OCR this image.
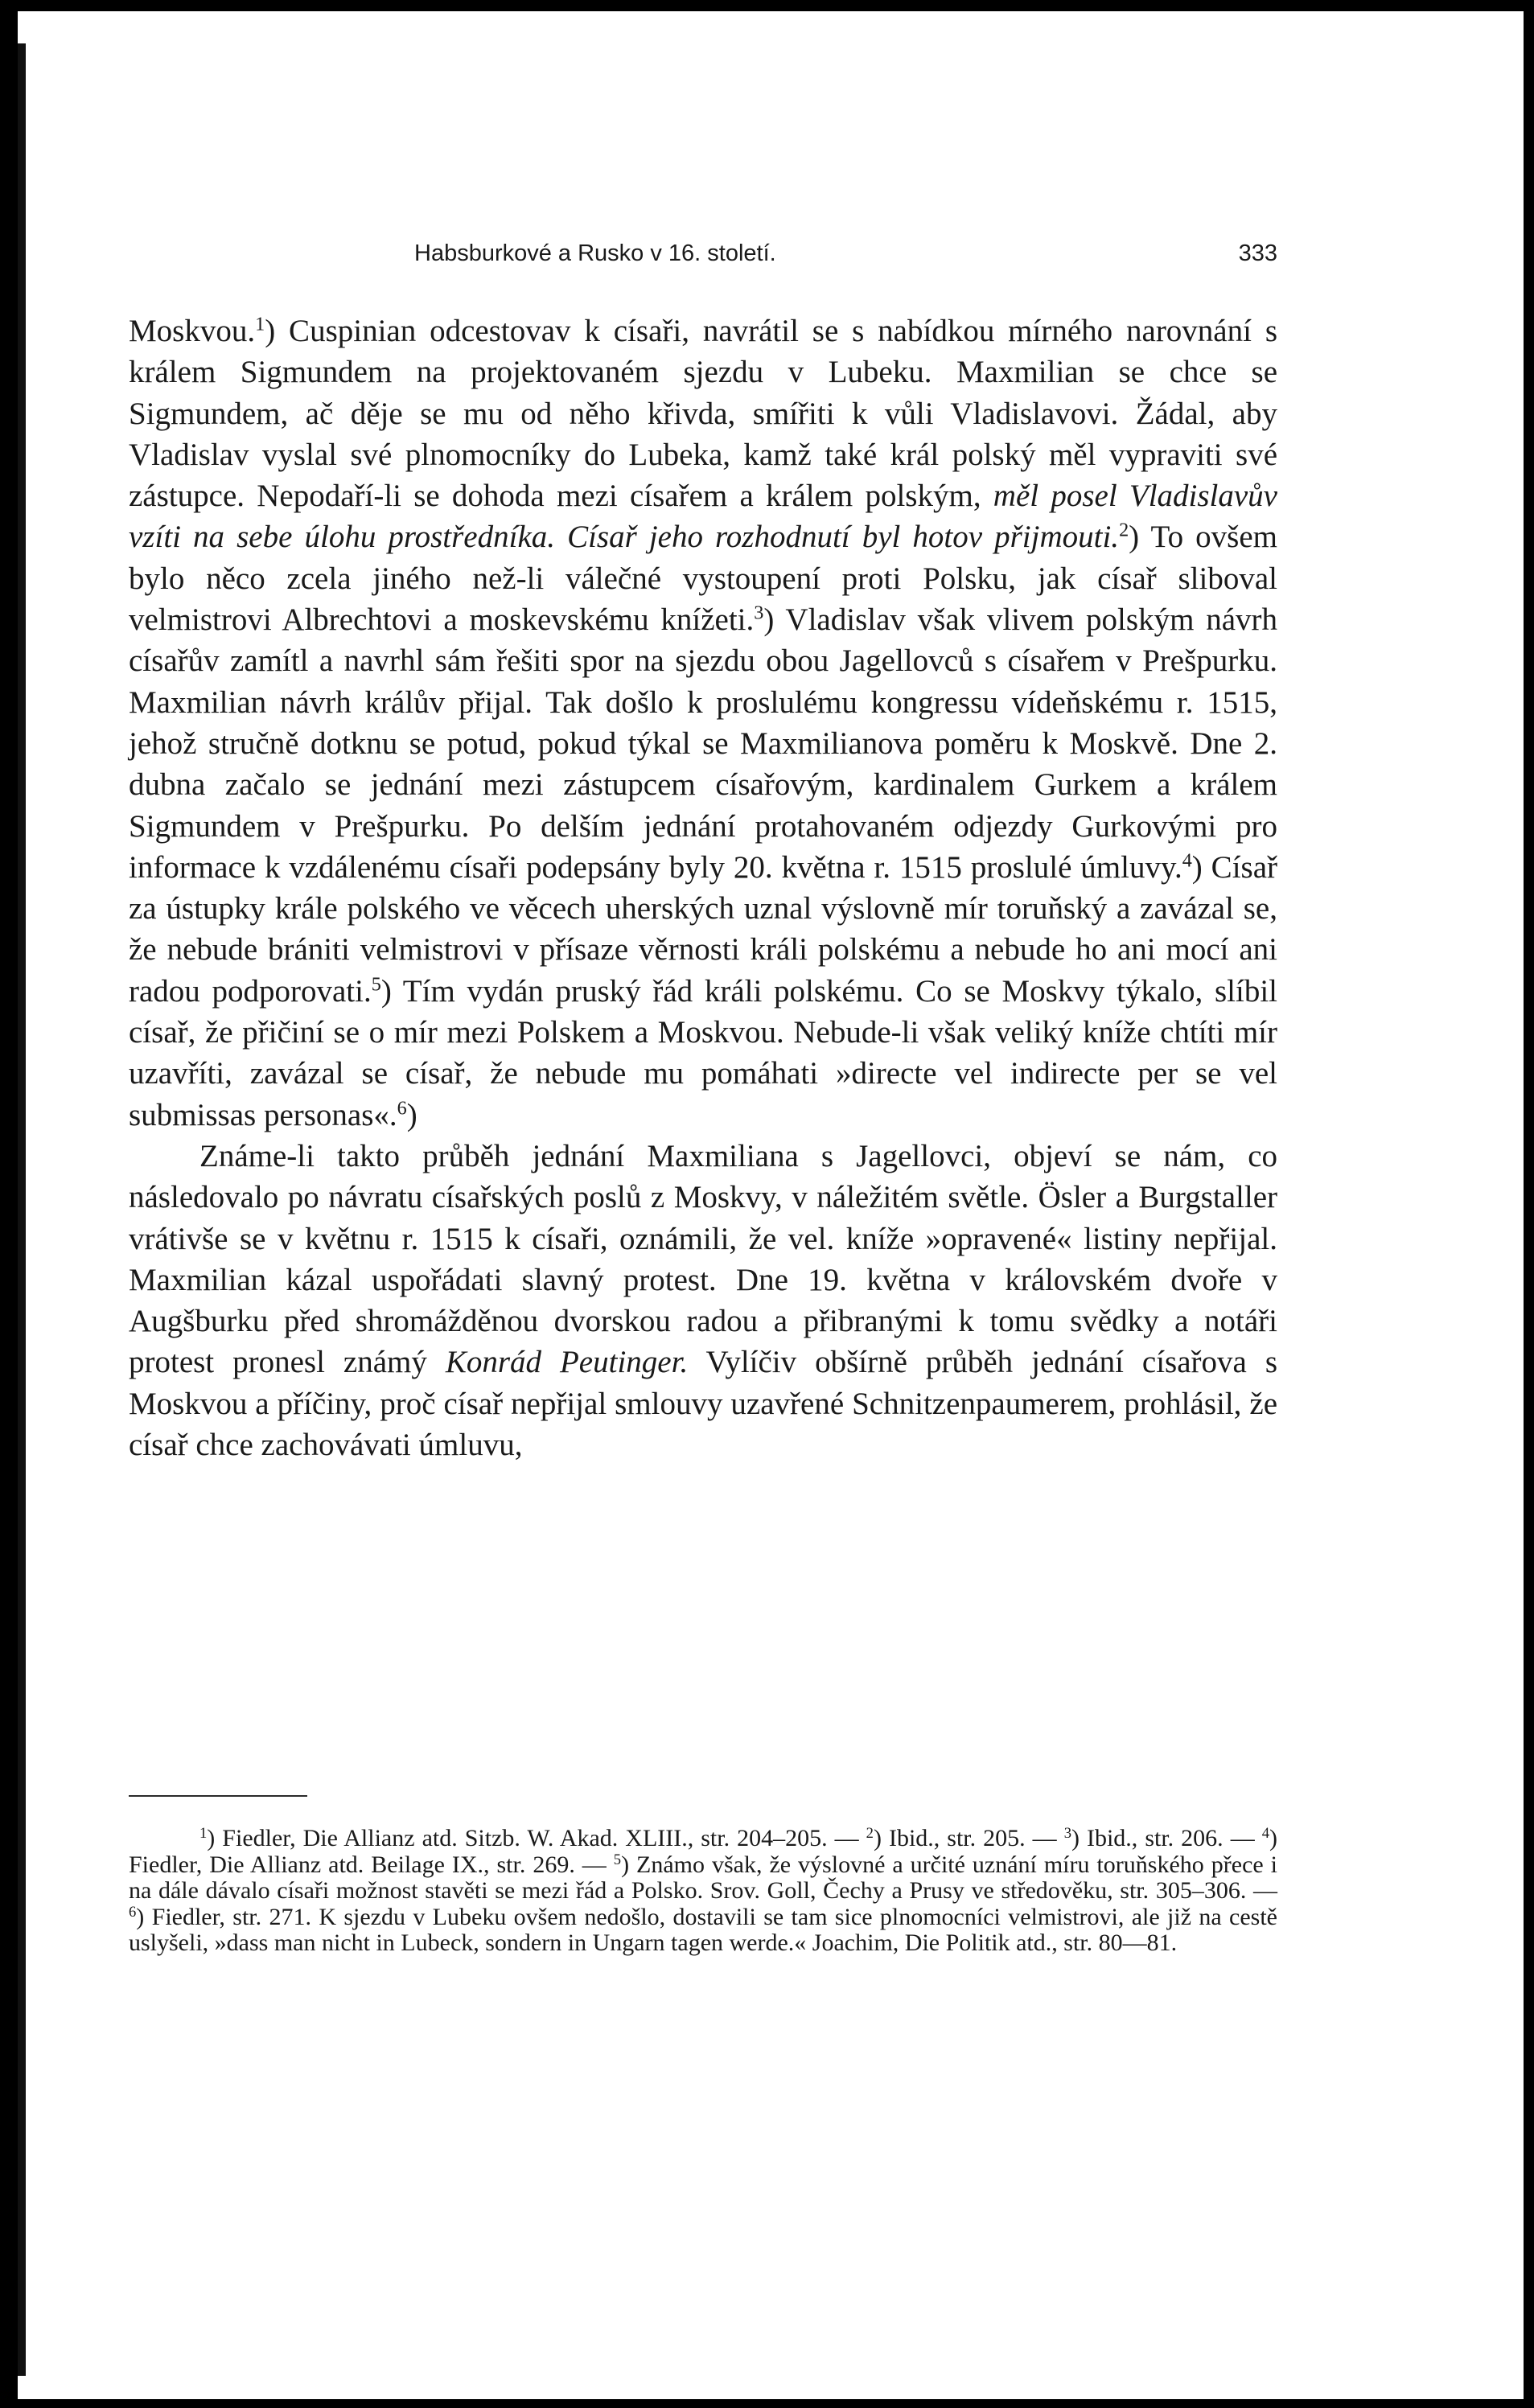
Habsburkové a Rusko v 16. století.	333

Moskvou.$^1$) Cuspinian odcestovav k císaři, navrátil se s nabídkou mírného narovnání s králem Sigmundem na projektovaném sjezdu v Lubeku. Maxmilian se chce se Sigmundem, ač děje se mu od něho křivda, smířiti k vůli Vladislavovi. Žádal, aby Vladislav vyslal své plnomocníky do Lubeka, kamž také král polský měl vypraviti své zástupce. Nepodaří-li se dohoda mezi císařem a králem polským, měl posel Vladislavův vzíti na sebe úlohu prostředníka. Císař jeho rozhodnutí byl hotov přijmouti.$^2$) To ovšem bylo něco zcela jiného než-li válečné vystoupení proti Polsku, jak císař sliboval velmistrovi Albrechtovi a moskevskému knížeti.$^3$) Vladislav však vlivem polským návrh císařův zamítl a navrhl sám řešiti spor na sjezdu obou Jagellovců s císařem v Prešpurku. Maxmilian návrh králův přijal. Tak došlo k proslulému kongressu vídeňskému r. 1515, jehož stručně dotknu se potud, pokud týkal se Maxmilianova poměru k Moskvě. Dne 2. dubna začalo se jednání mezi zástupcem císařovým, kardinalem Gurkem a králem Sigmundem v Prešpurku. Po delším jednání protahovaném odjezdy Gurkovými pro informace k vzdálenému císaři podepsány byly 20. května r. 1515 proslulé úmluvy.$^4$) Císař za ústupky krále polského ve věcech uherských uznal výslovně mír toruňský a zavázal se, že nebude brániti velmistrovi v přísaze věrnosti králi polskému a nebude ho ani mocí ani radou podporovati.$^5$) Tím vydán pruský řád králi polskému. Co se Moskvy týkalo, slíbil císař, že přičiní se o mír mezi Polskem a Moskvou. Nebude-li však veliký kníže chtíti mír uzavříti, zavázal se císař, že nebude mu pomáhati »directe vel indirecte per se vel submissas personas«.$^6$)

Známe-li takto průběh jednání Maxmiliana s Jagellovci, objeví se nám, co následovalo po návratu císařských poslů z Moskvy, v náležitém světle. Ösler a Burgstaller vrátivše se v květnu r. 1515 k císaři, oznámili, že vel. kníže »opravené« listiny nepřijal. Maxmilian kázal uspořádati slavný protest. Dne 19. května v královském dvoře v Augšburku před shromážděnou dvorskou radou a přibranými k tomu svědky a notáři protest pronesl známý Konrád Peutinger. Vylíčiv obšírně průběh jednání císařova s Moskvou a příčiny, proč císař nepřijal smlouvy uzavřené Schnitzenpaumerem, prohlásil, že císař chce zachovávati úmluvu,

$^1$) Fiedler, Die Allianz atd. Sitzb. W. Akad. XLIII., str. 204–205. — $^2$) Ibid., str. 205. — $^3$) Ibid., str. 206. — $^4$) Fiedler, Die Allianz atd. Beilage IX., str. 269. — $^5$) Známo však, že výslovné a určité uznání míru toruňského přece i na dále dávalo císaři možnost stavěti se mezi řád a Polsko. Srov. Goll, Čechy a Prusy ve středověku, str. 305–306. — $^6$) Fiedler, str. 271. K sjezdu v Lubeku ovšem nedošlo, dostavili se tam sice plnomocníci velmistrovi, ale již na cestě uslyšeli, »dass man nicht in Lubeck, sondern in Ungarn tagen werde.« Joachim, Die Politik atd., str. 80—81.
